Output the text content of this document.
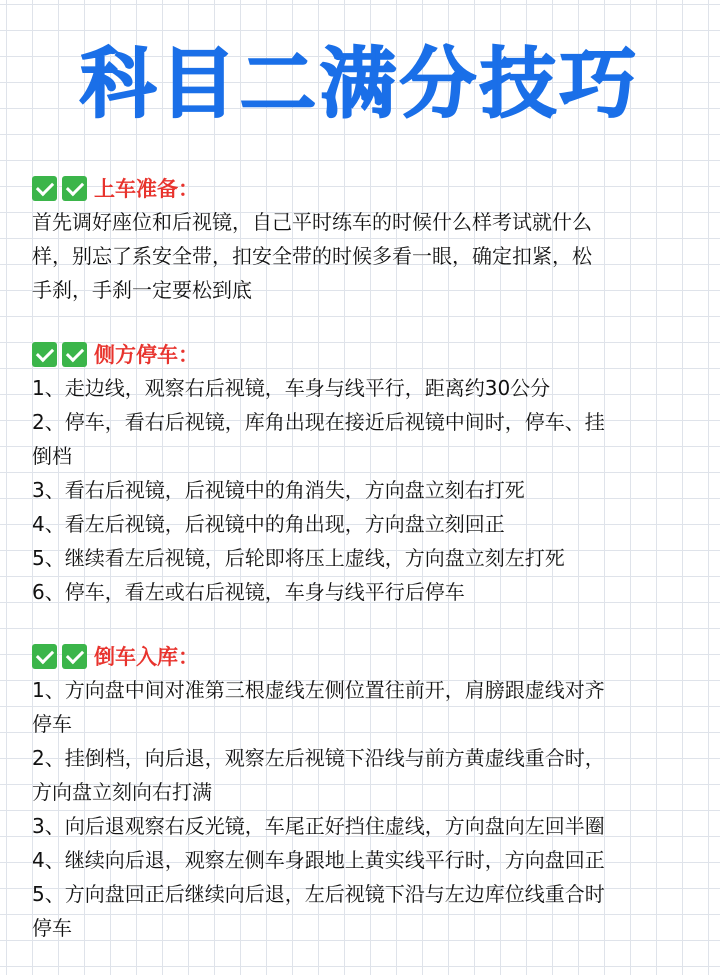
科目二满分技巧
上车准备：

首先调好座位和后视镜，自己平时练车的时候什么样考试就什么

样，别忘了系安全带，扣安全带的时候多看一眼，确定扣紧，松

手刹，手刹一定要松到底

侧方停车：

1、走边线，观察右后视镜，车身与线平行，距离约30公分

2、停车，看右后视镜，库角出现在接近后视镜中间时，停车、挂

倒档

3、看右后视镜，后视镜中的角消失，方向盘立刻右打死

4、看左后视镜，后视镜中的角出现，方向盘立刻回正

5、继续看左后视镜，后轮即将压上虚线，方向盘立刻左打死

6、停车，看左或右后视镜，车身与线平行后停车

倒车入库：

1、方向盘中间对准第三根虚线左侧位置往前开，肩膀跟虚线对齐

停车

2、挂倒档，向后退，观察左后视镜下沿线与前方黄虚线重合时，

方向盘立刻向右打满

3、向后退观察右反光镜，车尾正好挡住虚线，方向盘向左回半圈

4、继续向后退，观察左侧车身跟地上黄实线平行时，方向盘回正

5、方向盘回正后继续向后退，左后视镜下沿与左边库位线重合时

停车
